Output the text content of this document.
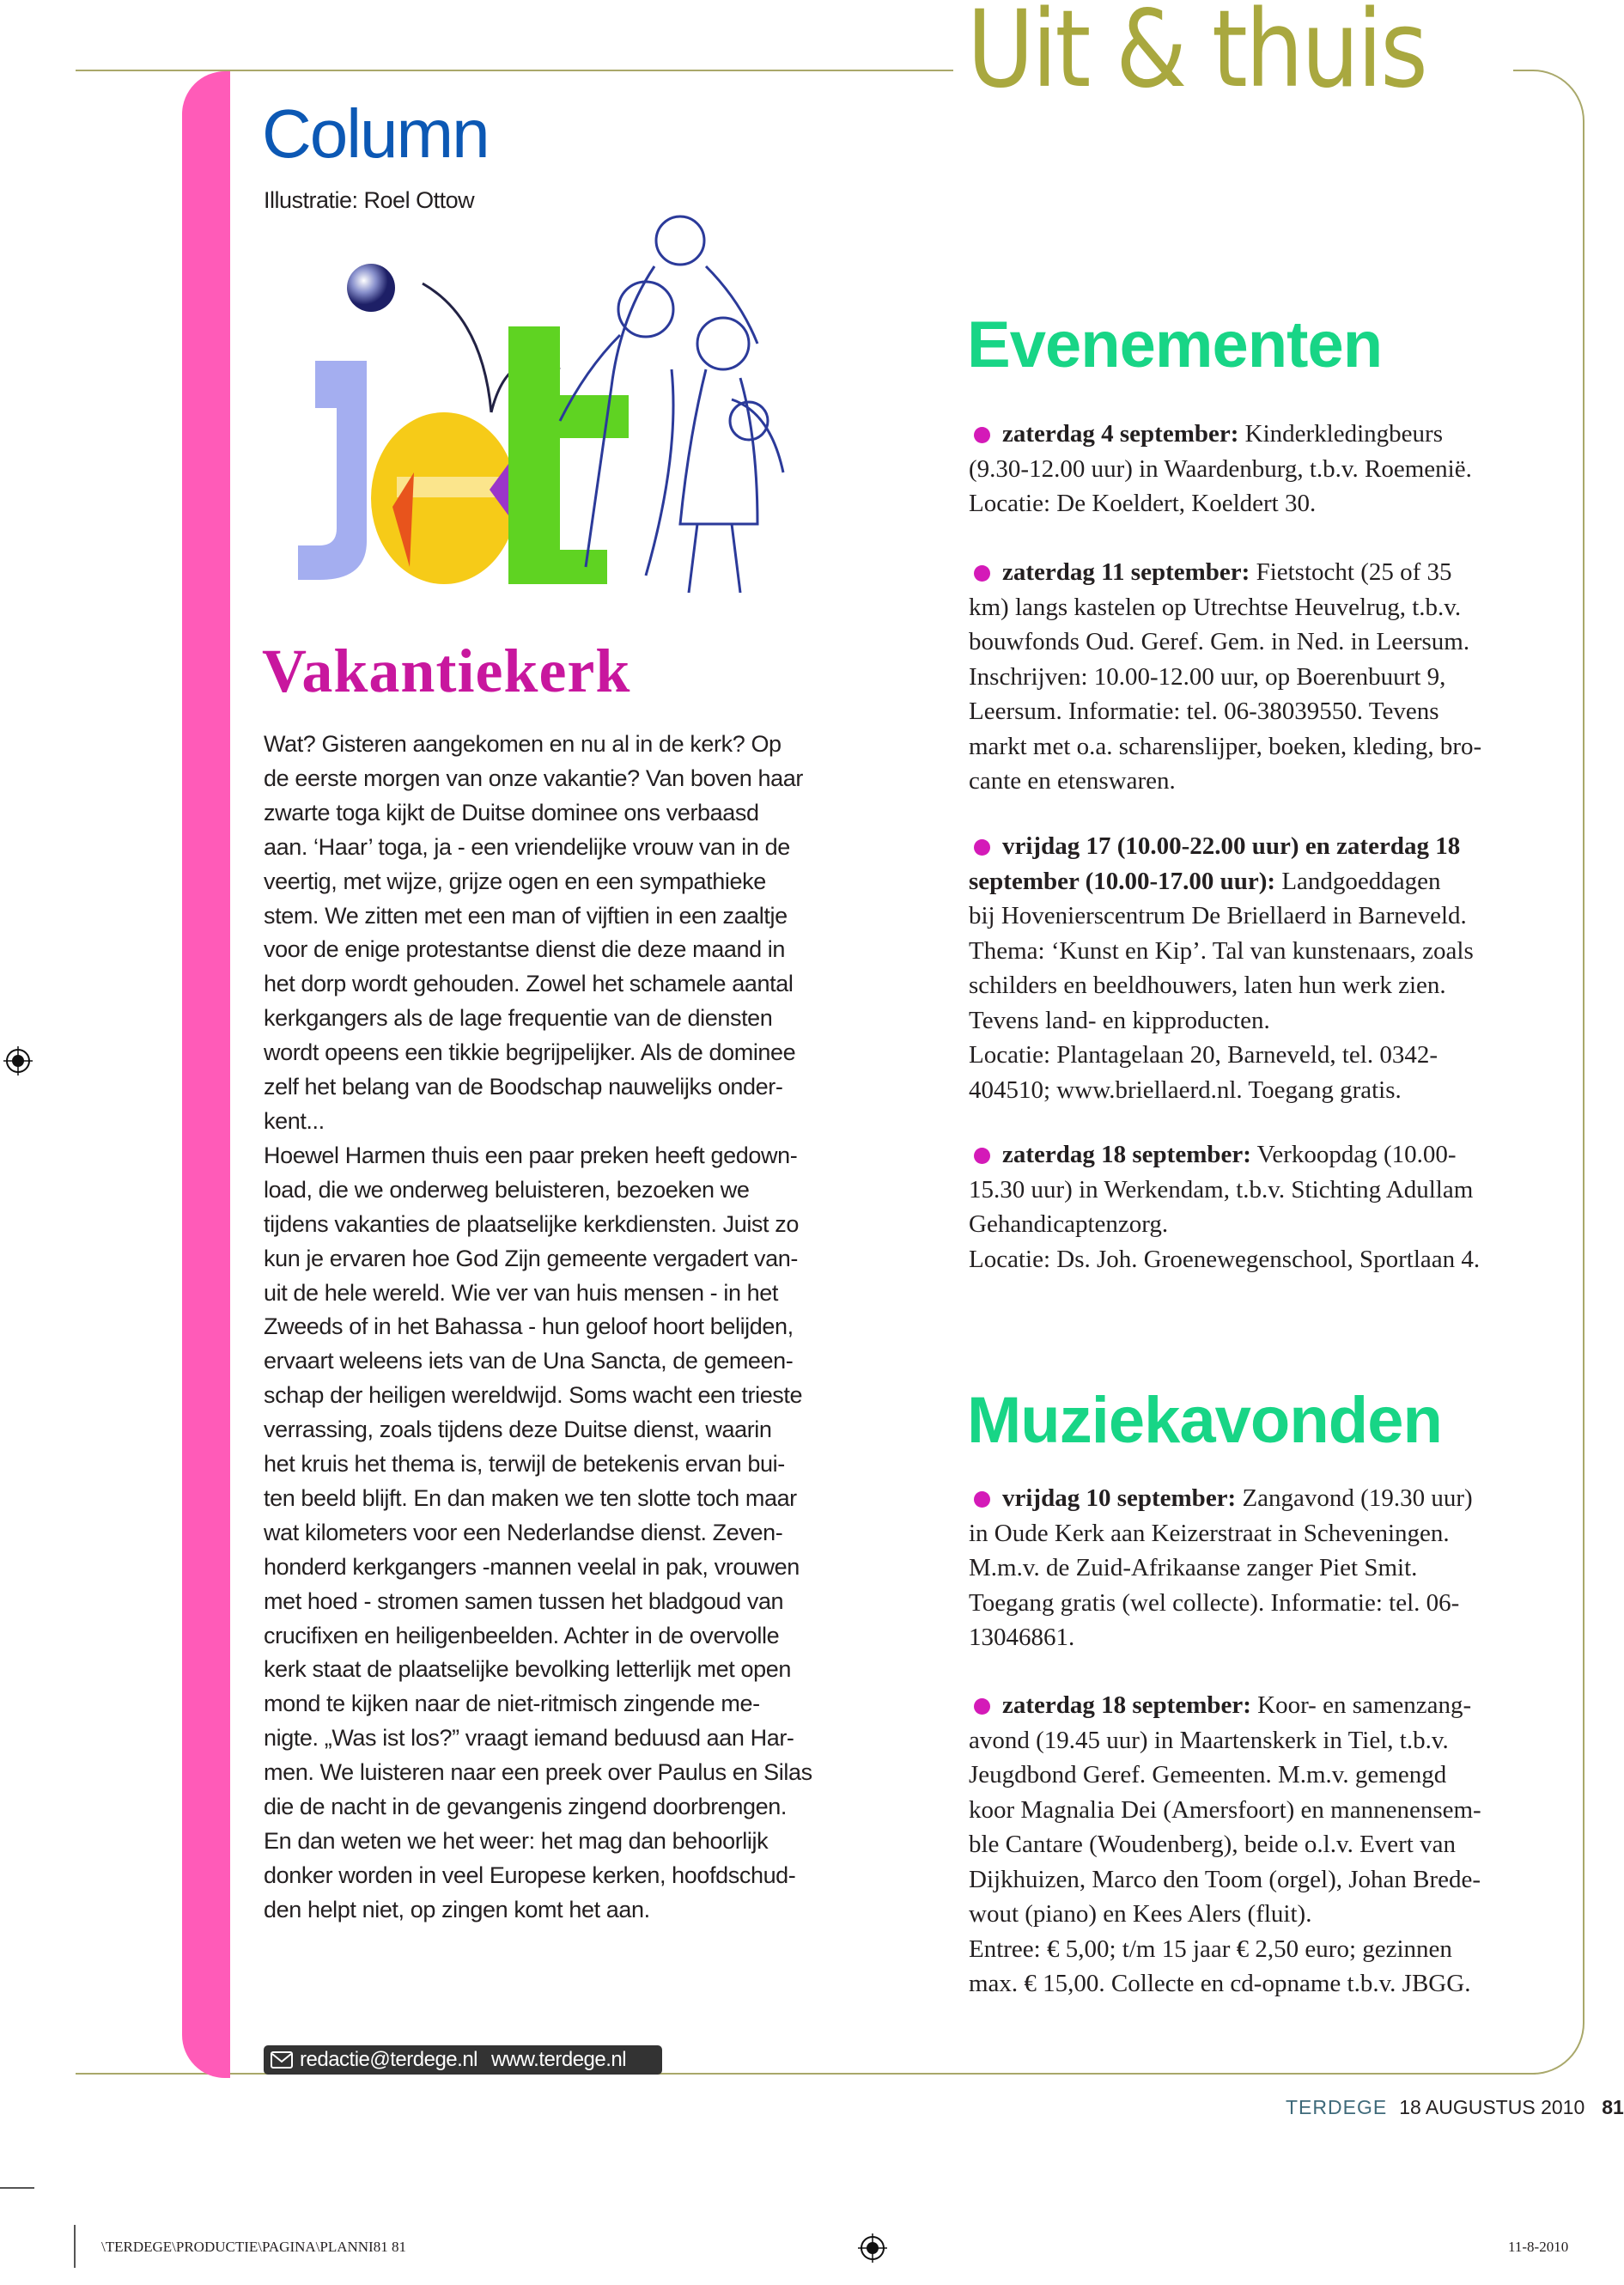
Uit & thuis
Column
Illustratie: Roel Ottow
Vakantiekerk
Wat? Gisteren aangekomen en nu al in de kerk? Op
de eerste morgen van onze vakantie? Van boven haar
zwarte toga kijkt de Duitse dominee ons verbaasd
aan. ‘Haar’ toga, ja - een vriendelijke vrouw van in de
veertig, met wijze, grijze ogen en een sympathieke
stem. We zitten met een man of vijftien in een zaaltje
voor de enige protestantse dienst die deze maand in
het dorp wordt gehouden. Zowel het schamele aantal
kerkgangers als de lage frequentie van de diensten
wordt opeens een tikkie begrijpelijker. Als de dominee
zelf het belang van de Boodschap nauwelijks onder-
kent...
Hoewel Harmen thuis een paar preken heeft gedown-
load, die we onderweg beluisteren, bezoeken we
tijdens vakanties de plaatselijke kerkdiensten. Juist zo
kun je ervaren hoe God Zijn gemeente vergadert van-
uit de hele wereld. Wie ver van huis mensen - in het
Zweeds of in het Bahassa - hun geloof hoort belijden,
ervaart weleens iets van de Una Sancta, de gemeen-
schap der heiligen wereldwijd. Soms wacht een trieste
verrassing, zoals tijdens deze Duitse dienst, waarin
het kruis het thema is, terwijl de betekenis ervan bui-
ten beeld blijft. En dan maken we ten slotte toch maar
wat kilometers voor een Nederlandse dienst. Zeven-
honderd kerkgangers -mannen veelal in pak, vrouwen
met hoed - stromen samen tussen het bladgoud van
crucifixen en heiligenbeelden. Achter in de overvolle
kerk staat de plaatselijke bevolking letterlijk met open
mond te kijken naar de niet-ritmisch zingende me-
nigte. „Was ist los?” vraagt iemand beduusd aan Har-
men. We luisteren naar een preek over Paulus en Silas
die de nacht in de gevangenis zingend doorbrengen.
En dan weten we het weer: het mag dan behoorlijk
donker worden in veel Europese kerken, hoofdschud-
den helpt niet, op zingen komt het aan.
redactie@terdege.nl www.terdege.nl
Evenementen
zaterdag 4 september: Kinderkledingbeurs
(9.30-12.00 uur) in Waardenburg, t.b.v. Roemenië.
Locatie: De Koeldert, Koeldert 30.
zaterdag 11 september: Fietstocht (25 of 35
km) langs kastelen op Utrechtse Heuvelrug, t.b.v.
bouwfonds Oud. Geref. Gem. in Ned. in Leersum.
Inschrijven: 10.00-12.00 uur, op Boerenbuurt 9,
Leersum. Informatie: tel. 06-38039550. Tevens
markt met o.a. scharenslijper, boeken, kleding, bro-
cante en etenswaren.
vrijdag 17 (10.00-22.00 uur) en zaterdag 18
september (10.00-17.00 uur): Landgoeddagen
bij Hovenierscentrum De Briellaerd in Barneveld.
Thema: ‘Kunst en Kip’. Tal van kunstenaars, zoals
schilders en beeldhouwers, laten hun werk zien.
Tevens land- en kipproducten.
Locatie: Plantagelaan 20, Barneveld, tel. 0342-
404510; www.briellaerd.nl. Toegang gratis.
zaterdag 18 september: Verkoopdag (10.00-
15.30 uur) in Werkendam, t.b.v. Stichting Adullam
Gehandicaptenzorg.
Locatie: Ds. Joh. Groenewegenschool, Sportlaan 4.
Muziekavonden
vrijdag 10 september: Zangavond (19.30 uur)
in Oude Kerk aan Keizerstraat in Scheveningen.
M.m.v. de Zuid-Afrikaanse zanger Piet Smit.
Toegang gratis (wel collecte). Informatie: tel. 06-
13046861.
zaterdag 18 september: Koor- en samenzang-
avond (19.45 uur) in Maartenskerk in Tiel, t.b.v.
Jeugdbond Geref. Gemeenten. M.m.v. gemengd
koor Magnalia Dei (Amersfoort) en mannenensem-
ble Cantare (Woudenberg), beide o.l.v. Evert van
Dijkhuizen, Marco den Toom (orgel), Johan Brede-
wout (piano) en Kees Alers (fluit).
Entree: € 5,00; t/m 15 jaar € 2,50 euro; gezinnen
max. € 15,00. Collecte en cd-opname t.b.v. JBGG.
TERDEGE 18 AUGUSTUS 2010 81
\TERDEGE\PRODUCTIE\PAGINA\PLANNI81 81	11-8-2010
